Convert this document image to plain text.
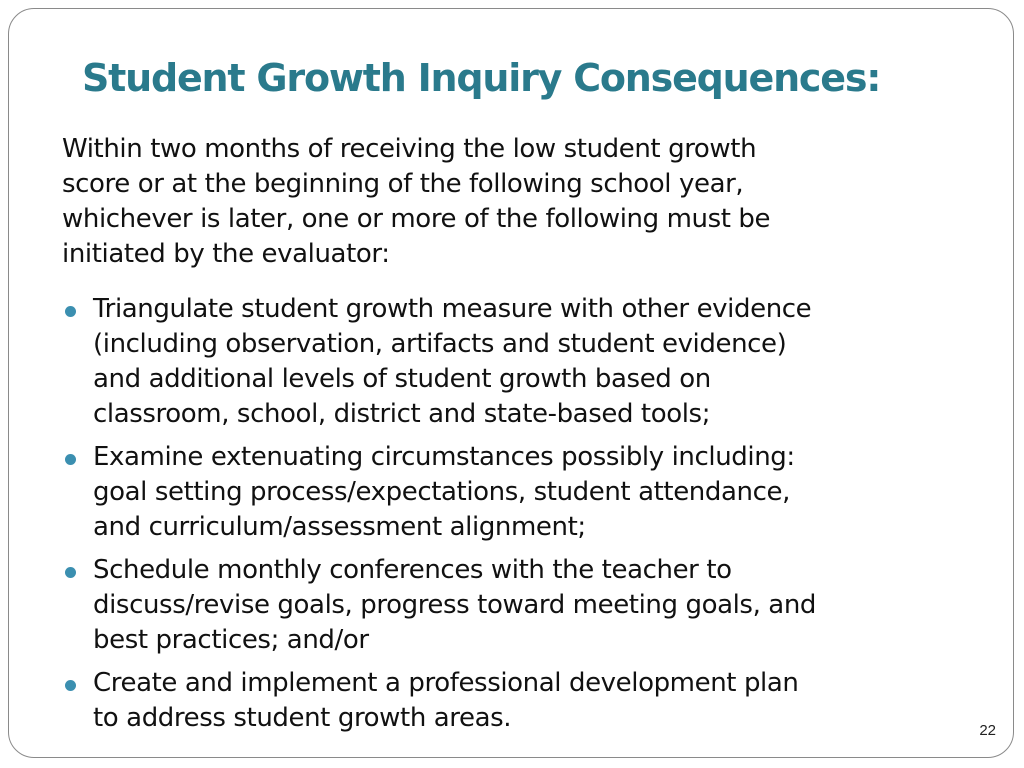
Student Growth Inquiry Consequences:

Within two months of receiving the low student growth
score or at the beginning of the following school year,
whichever is later, one or more of the following must be
initiated by the evaluator:

Triangulate student growth measure with other evidence
(including observation, artifacts and student evidence)
and additional levels of student growth based on
classroom, school, district and state-based tools;
Examine extenuating circumstances possibly including:
goal setting process/expectations, student attendance,
and curriculum/assessment alignment;
Schedule monthly conferences with the teacher to
discuss/revise goals, progress toward meeting goals, and
best practices; and/or
Create and implement a professional development plan
to address student growth areas.	22
